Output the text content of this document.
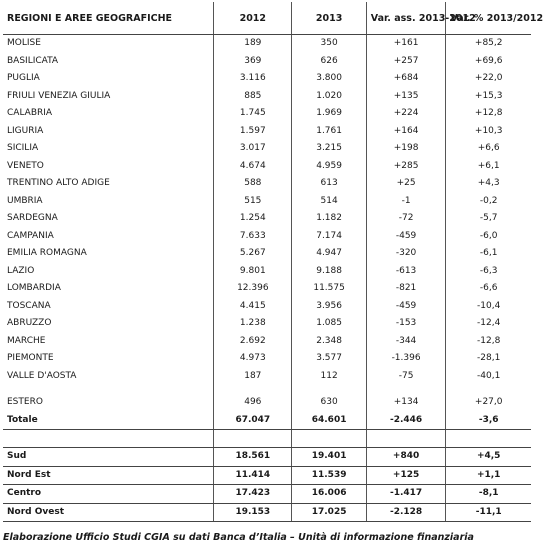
REGIONI E AREE GEOGRAFICHE	2012	2013	Var. ass. 2013-2012	Var. % 2013/2012
MOLISE	189	350	+161	+85,2
BASILICATA	369	626	+257	+69,6
PUGLIA	3.116	3.800	+684	+22,0
FRIULI VENEZIA GIULIA	885	1.020	+135	+15,3
CALABRIA	1.745	1.969	+224	+12,8
LIGURIA	1.597	1.761	+164	+10,3
SICILIA	3.017	3.215	+198	+6,6
VENETO	4.674	4.959	+285	+6,1
TRENTINO ALTO ADIGE	588	613	+25	+4,3
UMBRIA	515	514	-1	-0,2
SARDEGNA	1.254	1.182	-72	-5,7
CAMPANIA	7.633	7.174	-459	-6,0
EMILIA ROMAGNA	5.267	4.947	-320	-6,1
LAZIO	9.801	9.188	-613	-6,3
LOMBARDIA	12.396	11.575	-821	-6,6
TOSCANA	4.415	3.956	-459	-10,4
ABRUZZO	1.238	1.085	-153	-12,4
MARCHE	2.692	2.348	-344	-12,8
PIEMONTE	4.973	3.577	-1.396	-28,1
VALLE D'AOSTA	187	112	-75	-40,1

ESTERO	496	630	+134	+27,0
Totale	67.047	64.601	-2.446	-3,6

Sud	18.561	19.401	+840	+4,5
Nord Est	11.414	11.539	+125	+1,1
Centro	17.423	16.006	-1.417	-8,1
Nord Ovest	19.153	17.025	-2.128	-11,1
Elaborazione Ufficio Studi CGIA su dati Banca d’Italia – Unità di informazione finanziaria
